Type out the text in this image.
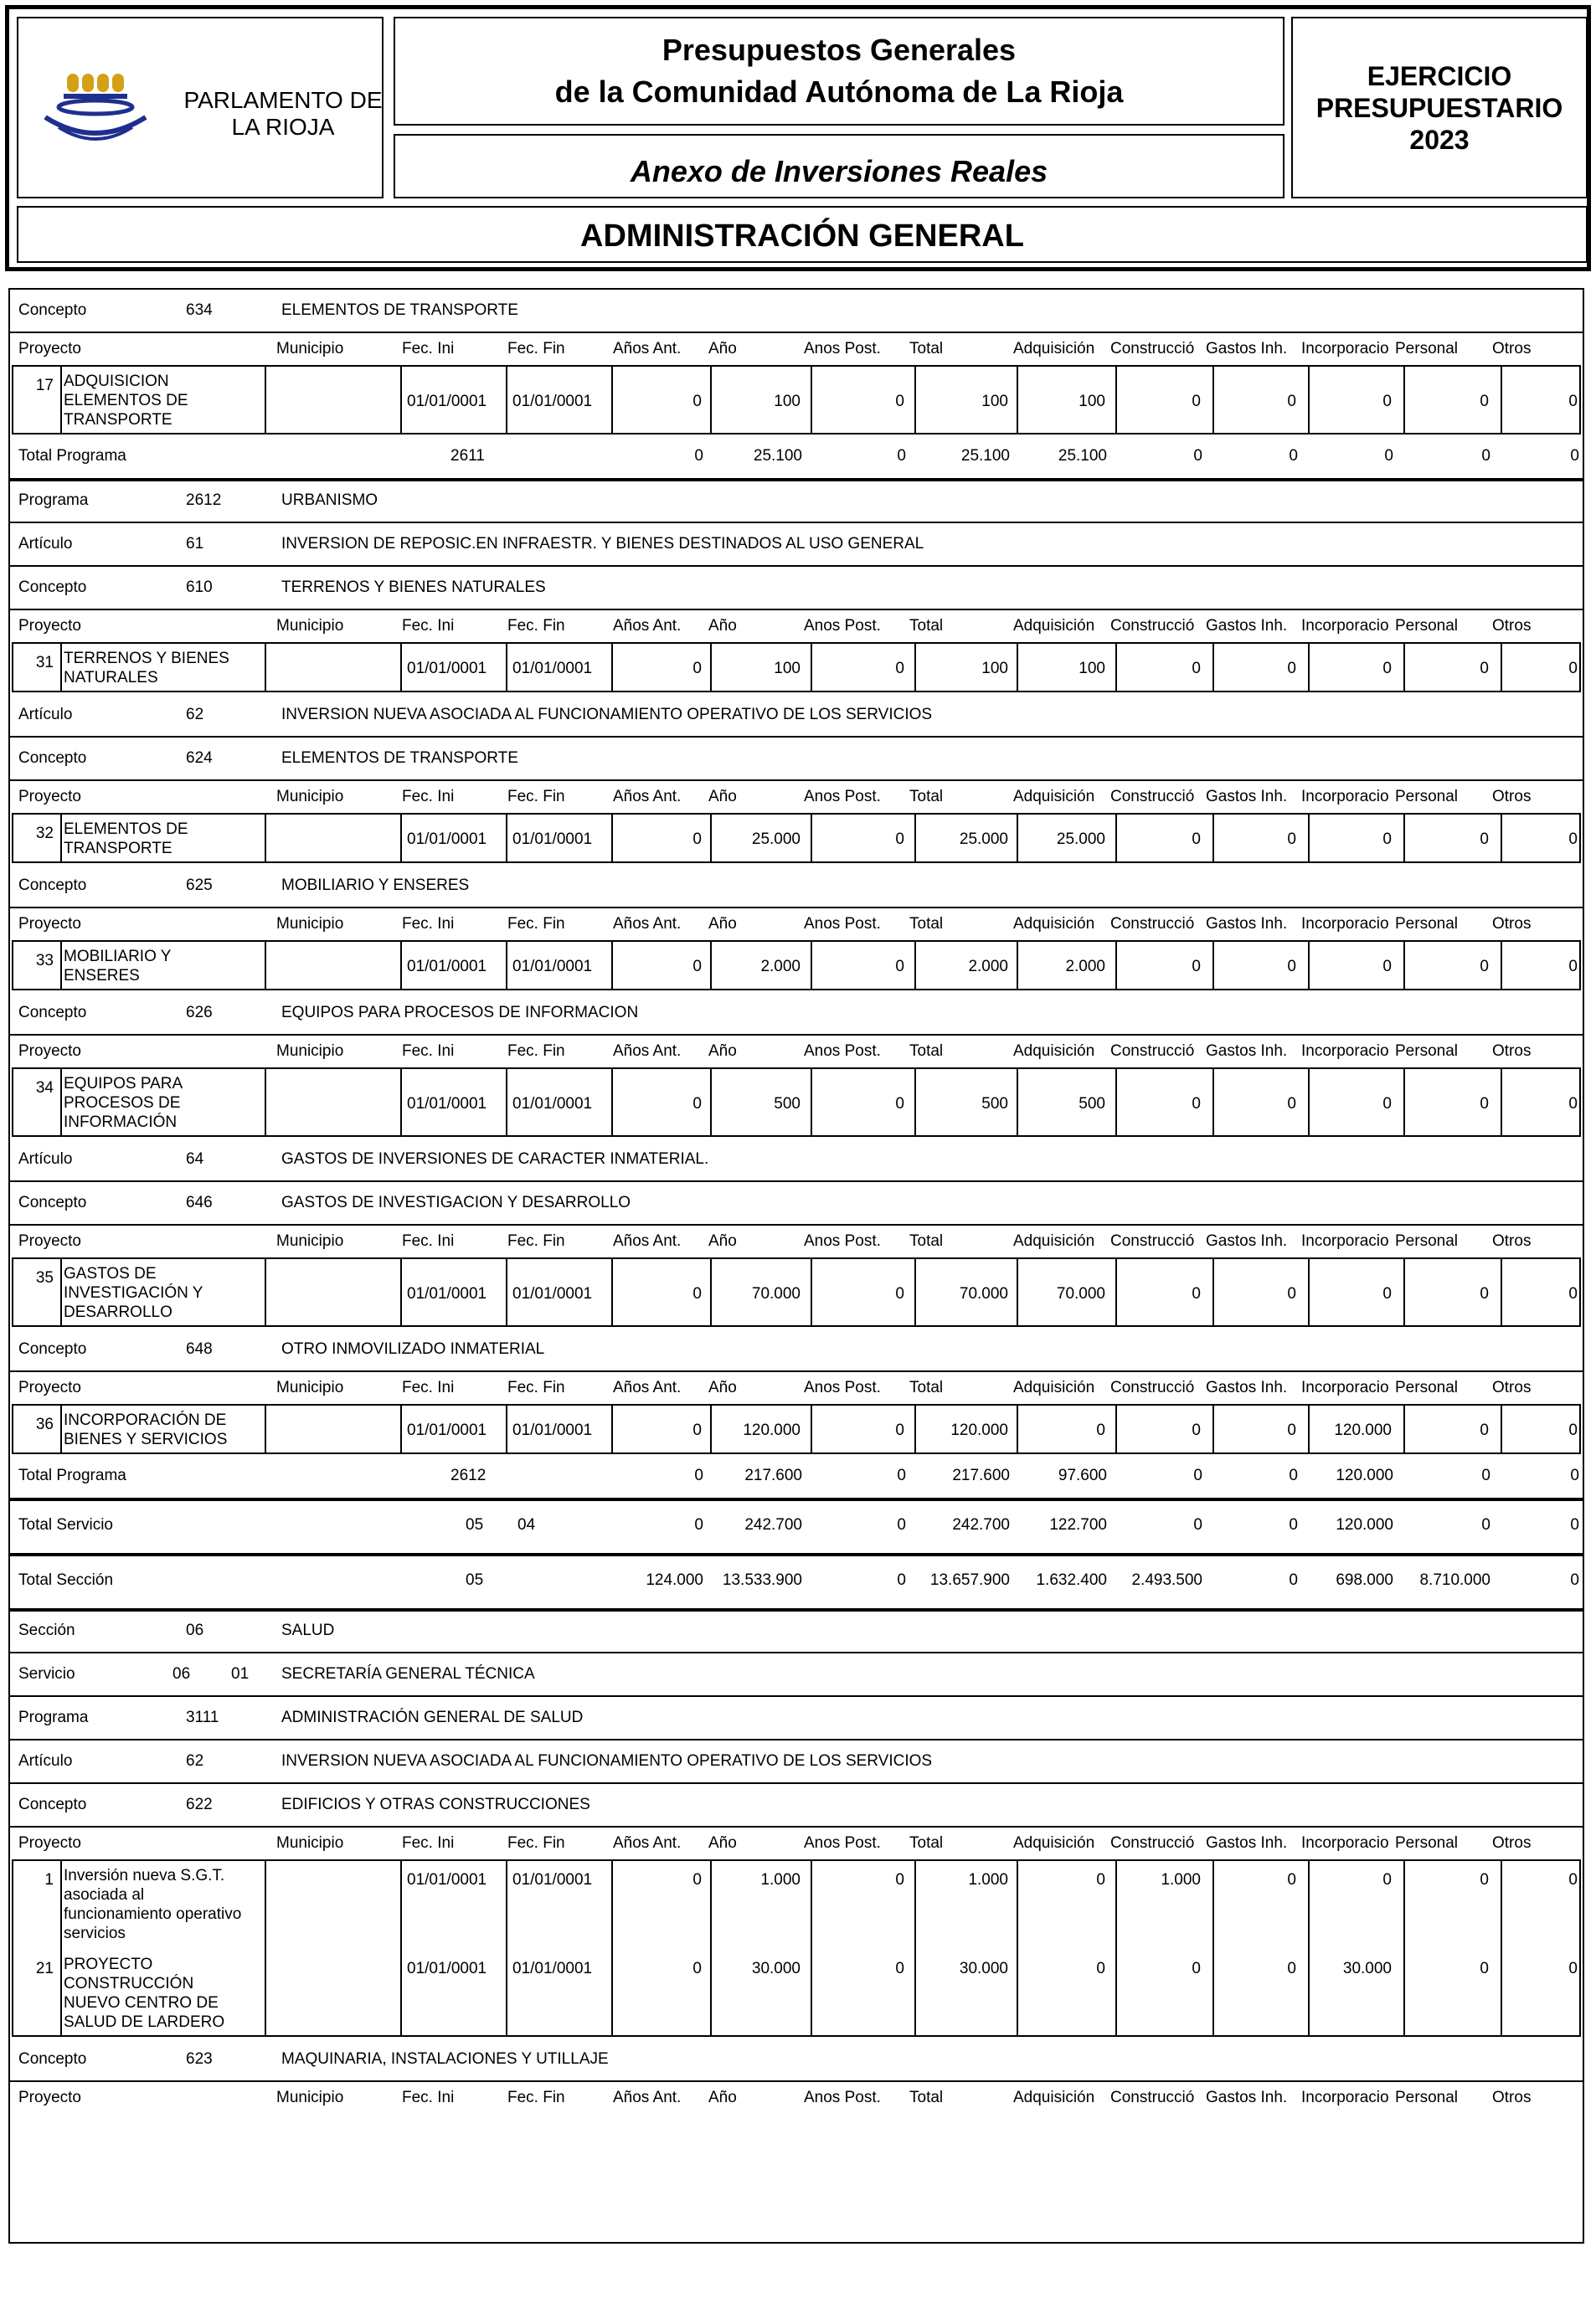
PARLAMENTO DE
LA RIOJA
Presupuestos Generales
de la Comunidad Autónoma de La Rioja
Anexo de Inversiones Reales
EJERCICIO
PRESUPUESTARIO
2023
ADMINISTRACIÓN GENERAL
Concepto	634	ELEMENTOS DE TRANSPORTE
Proyecto	Municipio	Fec. Ini	Fec. Fin	Años Ant. Año	Anos Post. Total	Adquisición Construcció Gastos Inh. Incorporacio Personal Otros
17 ADQUISICION
ELEMENTOS DE
TRANSPORTE
01/01/0001 01/01/0001	0	100	0	100	100	0	0	0	0	0
Total Programa	2611	0	25.100	0	25.100	25.100	0	0	0	0	0
Programa	2612	URBANISMO
Artículo	61	INVERSION DE REPOSIC.EN INFRAESTR. Y BIENES DESTINADOS AL USO GENERAL
Concepto	610	TERRENOS Y BIENES NATURALES
Proyecto	Municipio	Fec. Ini	Fec. Fin	Años Ant. Año	Anos Post. Total	Adquisición Construcció Gastos Inh. Incorporacio Personal Otros
31 TERRENOS Y BIENES
NATURALES
01/01/0001 01/01/0001	0	100	0	100	100	0	0	0	0	0
Artículo	62	INVERSION NUEVA ASOCIADA AL FUNCIONAMIENTO OPERATIVO DE LOS SERVICIOS
Concepto	624	ELEMENTOS DE TRANSPORTE
Proyecto	Municipio	Fec. Ini	Fec. Fin	Años Ant. Año	Anos Post. Total	Adquisición Construcció Gastos Inh. Incorporacio Personal Otros
32 ELEMENTOS DE
TRANSPORTE
01/01/0001 01/01/0001	0	25.000	0	25.000	25.000	0	0	0	0	0
Concepto	625	MOBILIARIO Y ENSERES
Proyecto	Municipio	Fec. Ini	Fec. Fin	Años Ant. Año	Anos Post. Total	Adquisición Construcció Gastos Inh. Incorporacio Personal Otros
33 MOBILIARIO Y
ENSERES
01/01/0001 01/01/0001	0	2.000	0	2.000	2.000	0	0	0	0	0
Concepto	626	EQUIPOS PARA PROCESOS DE INFORMACION
Proyecto	Municipio	Fec. Ini	Fec. Fin	Años Ant. Año	Anos Post. Total	Adquisición Construcció Gastos Inh. Incorporacio Personal Otros
34 EQUIPOS PARA
PROCESOS DE
INFORMACIÓN
01/01/0001 01/01/0001	0	500	0	500	500	0	0	0	0	0
Artículo	64	GASTOS DE INVERSIONES DE CARACTER INMATERIAL.
Concepto	646	GASTOS DE INVESTIGACION Y DESARROLLO
Proyecto	Municipio	Fec. Ini	Fec. Fin	Años Ant. Año	Anos Post. Total	Adquisición Construcció Gastos Inh. Incorporacio Personal Otros
35 GASTOS DE
INVESTIGACIÓN Y
DESARROLLO
01/01/0001 01/01/0001	0	70.000	0	70.000	70.000	0	0	0	0	0
Concepto	648	OTRO INMOVILIZADO INMATERIAL
Proyecto	Municipio	Fec. Ini	Fec. Fin	Años Ant. Año	Anos Post. Total	Adquisición Construcció Gastos Inh. Incorporacio Personal Otros
36 INCORPORACIÓN DE
BIENES Y SERVICIOS
01/01/0001 01/01/0001	0	120.000	0	120.000	0	0	0 120.000	0	0
Total Programa	2612	0	217.600	0	217.600	97.600	0	0 120.000	0	0
Total Servicio	05 04	0	242.700	0	242.700 122.700	0	0 120.000	0	0
Total Sección	05	124.000 13.533.900	0 13.657.900 1.632.400 2.493.500	0 698.000 8.710.000	0
Sección	06	SALUD
Servicio	06	01 SECRETARÍA GENERAL TÉCNICA
Programa	3111	ADMINISTRACIÓN GENERAL DE SALUD
Artículo	62	INVERSION NUEVA ASOCIADA AL FUNCIONAMIENTO OPERATIVO DE LOS SERVICIOS
Concepto	622	EDIFICIOS Y OTRAS CONSTRUCCIONES
Proyecto	Municipio	Fec. Ini	Fec. Fin	Años Ant. Año	Anos Post. Total	Adquisición Construcció Gastos Inh. Incorporacio Personal Otros
1 Inversión nueva S.G.T.
asociada al
funcionamiento operativo
servicios
01/01/0001 01/01/0001	0	1.000	0	1.000	0	1.000	0	0	0	0
21 PROYECTO
CONSTRUCCIÓN
NUEVO CENTRO DE
SALUD DE LARDERO
01/01/0001 01/01/0001	0	30.000	0	30.000	0	0	0	30.000	0	0
Concepto	623	MAQUINARIA, INSTALACIONES Y UTILLAJE
Proyecto	Municipio	Fec. Ini	Fec. Fin	Años Ant. Año	Anos Post. Total	Adquisición Construcció Gastos Inh. Incorporacio Personal Otros
